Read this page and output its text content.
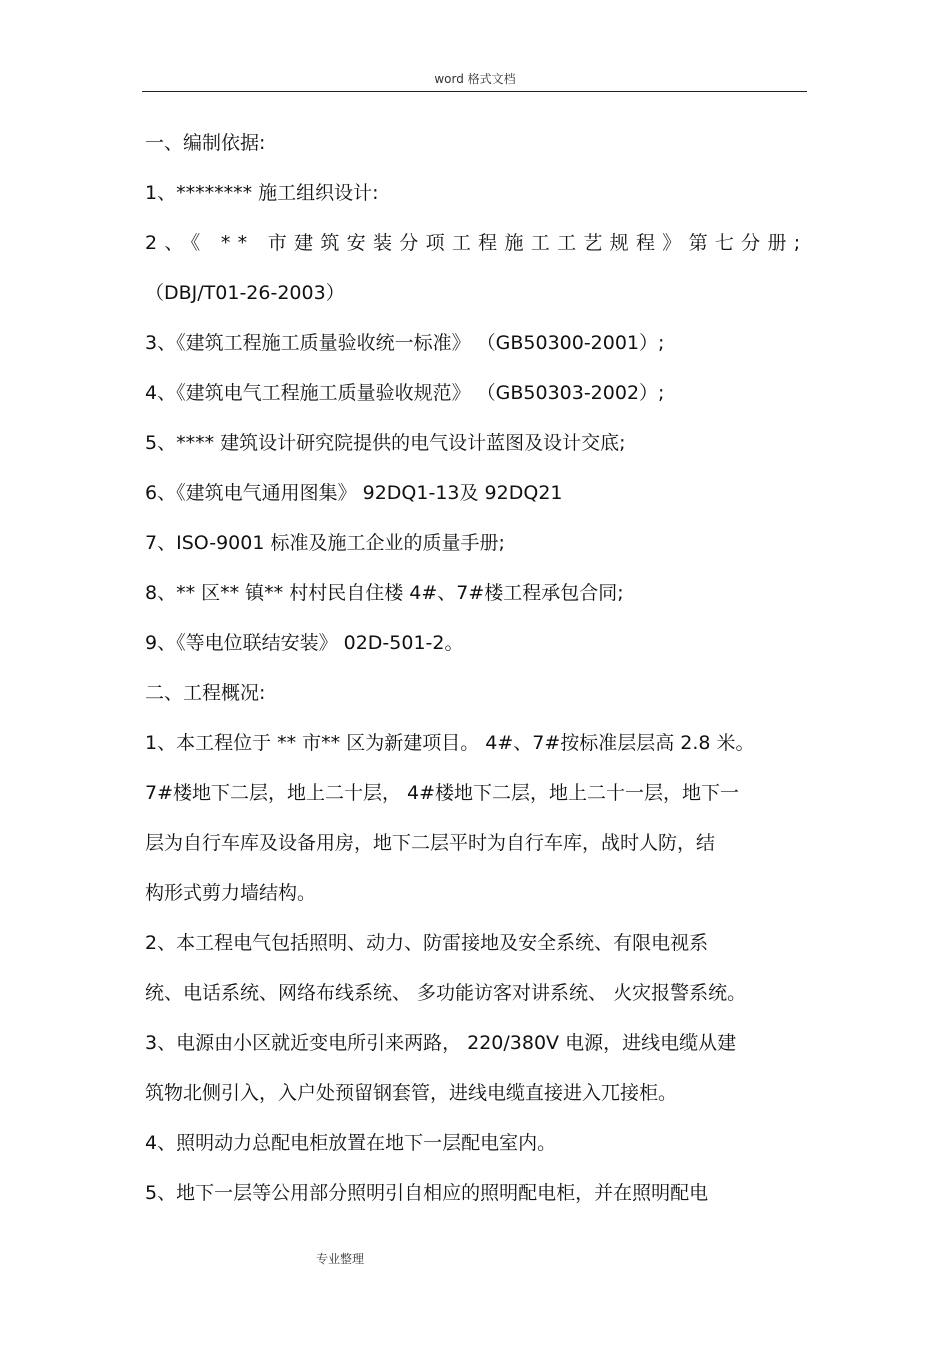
word 格式文档
一、编制依据:
1、******** 施工组织设计:
2、《 ** 市建筑安装分项工程施工工艺规程》第七分册;
（DBJ/T01-26-2003）
3、《建筑工程施工质量验收统一标准》 （GB50300-2001）;
4、《建筑电气工程施工质量验收规范》 （GB50303-2002）;
5、**** 建筑设计研究院提供的电气设计蓝图及设计交底;
6、《建筑电气通用图集》 92DQ1-13及 92DQ21
7、ISO-9001 标准及施工企业的质量手册;
8、** 区** 镇** 村村民自住楼 4#、7#楼工程承包合同;
9、《等电位联结安装》 02D-501-2。
二、工程概况:
1、本工程位于 ** 市** 区为新建项目。 4#、7#按标准层层高 2.8 米。
7#楼地下二层，地上二十层， 4#楼地下二层，地上二十一层，地下一
层为自行车库及设备用房，地下二层平时为自行车库，战时人防，结
构形式剪力墙结构。
2、本工程电气包括照明、动力、防雷接地及安全系统、有限电视系
统、电话系统、网络布线系统、 多功能访客对讲系统、 火灾报警系统。
3、电源由小区就近变电所引来两路， 220/380V 电源，进线电缆从建
筑物北侧引入，入户处预留钢套管，进线电缆直接进入兀接柜。
4、照明动力总配电柜放置在地下一层配电室内。
5、地下一层等公用部分照明引自相应的照明配电柜，并在照明配电
专业整理
